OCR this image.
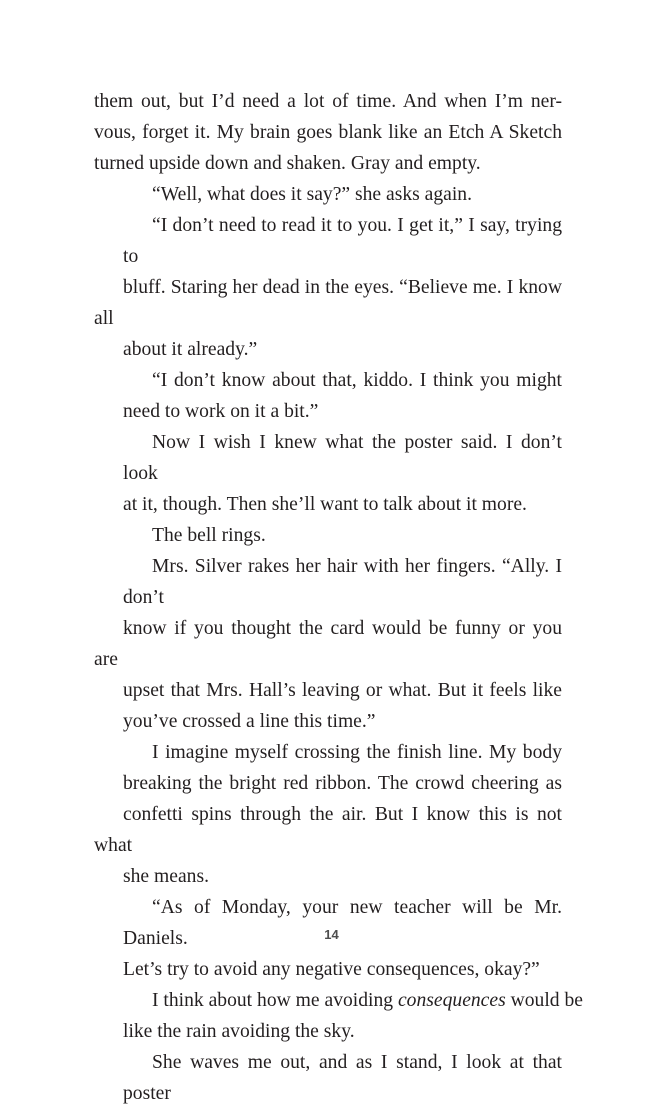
them out, but I’d need a lot of time. And when I’m ner-
vous, forget it. My brain goes blank like an Etch A Sketch
turned upside down and shaken. Gray and empty.

“Well, what does it say?” she asks again.

“I don’t need to read it to you. I get it,” I say, trying to
bluff. Staring her dead in the eyes. “Believe me. I know all
about it already.”

“I don’t know about that, kiddo. I think you might
need to work on it a bit.”

Now I wish I knew what the poster said. I don’t look
at it, though. Then she’ll want to talk about it more.

The bell rings.

Mrs. Silver rakes her hair with her fingers. “Ally. I don’t
know if you thought the card would be funny or you are
upset that Mrs. Hall’s leaving or what. But it feels like
you’ve crossed a line this time.”

I imagine myself crossing the finish line. My body
breaking the bright red ribbon. The crowd cheering as
confetti spins through the air. But I know this is not what
she means.

“As of Monday, your new teacher will be Mr. Daniels.
Let’s try to avoid any negative consequences, okay?”

I think about how me avoiding consequences would be
like the rain avoiding the sky.

She waves me out, and as I stand, I look at that poster

14
